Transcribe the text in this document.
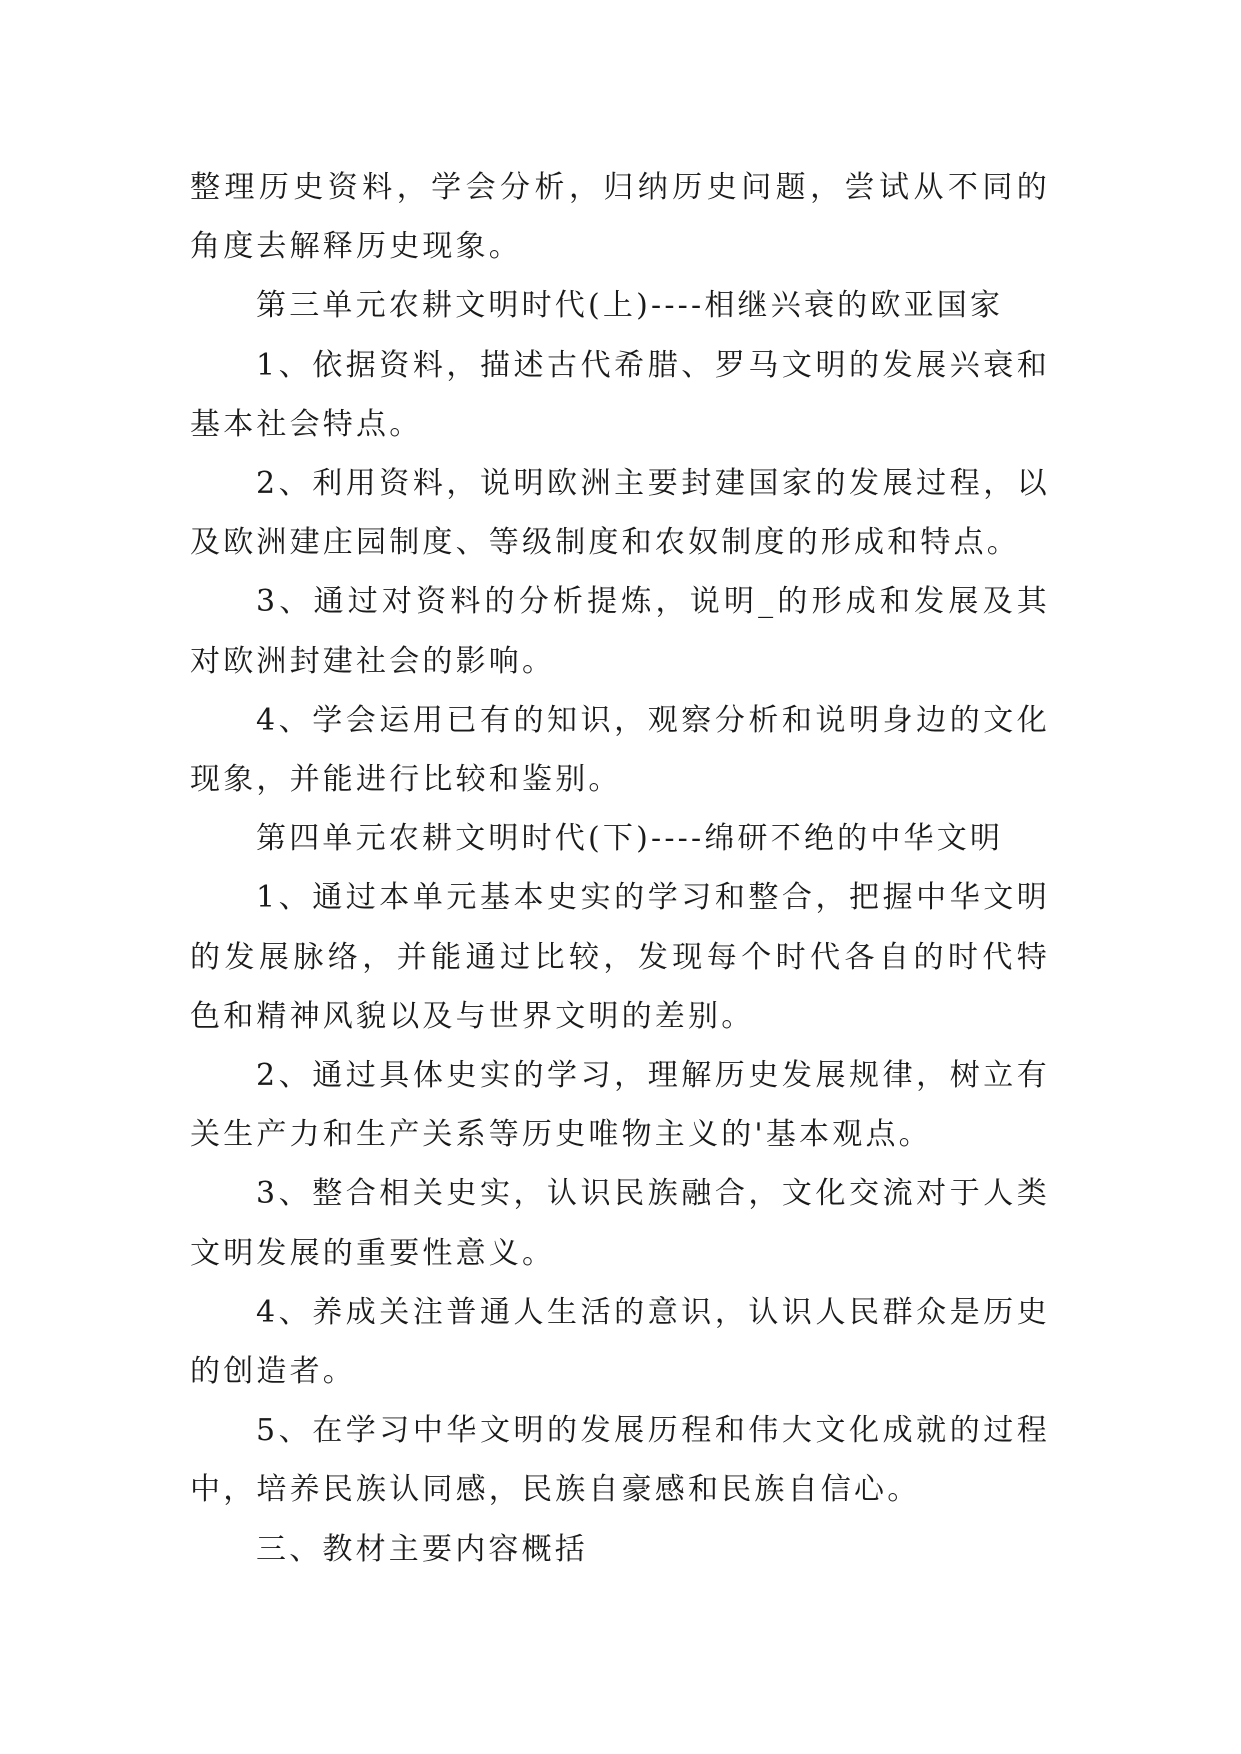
整理历史资料，学会分析，归纳历史问题，尝试从不同的角度去解释历史现象。

第三单元农耕文明时代(上)----相继兴衰的欧亚国家

1、依据资料，描述古代希腊、罗马文明的发展兴衰和基本社会特点。

2、利用资料，说明欧洲主要封建国家的发展过程，以及欧洲建庄园制度、等级制度和农奴制度的形成和特点。

3、通过对资料的分析提炼，说明_的形成和发展及其对欧洲封建社会的影响。

4、学会运用已有的知识，观察分析和说明身边的文化现象，并能进行比较和鉴别。

第四单元农耕文明时代(下)----绵研不绝的中华文明

1、通过本单元基本史实的学习和整合，把握中华文明的发展脉络，并能通过比较，发现每个时代各自的时代特色和精神风貌以及与世界文明的差别。

2、通过具体史实的学习，理解历史发展规律，树立有关生产力和生产关系等历史唯物主义的'基本观点。

3、整合相关史实，认识民族融合，文化交流对于人类文明发展的重要性意义。

4、养成关注普通人生活的意识，认识人民群众是历史的创造者。

5、在学习中华文明的发展历程和伟大文化成就的过程中，培养民族认同感，民族自豪感和民族自信心。

三、教材主要内容概括
